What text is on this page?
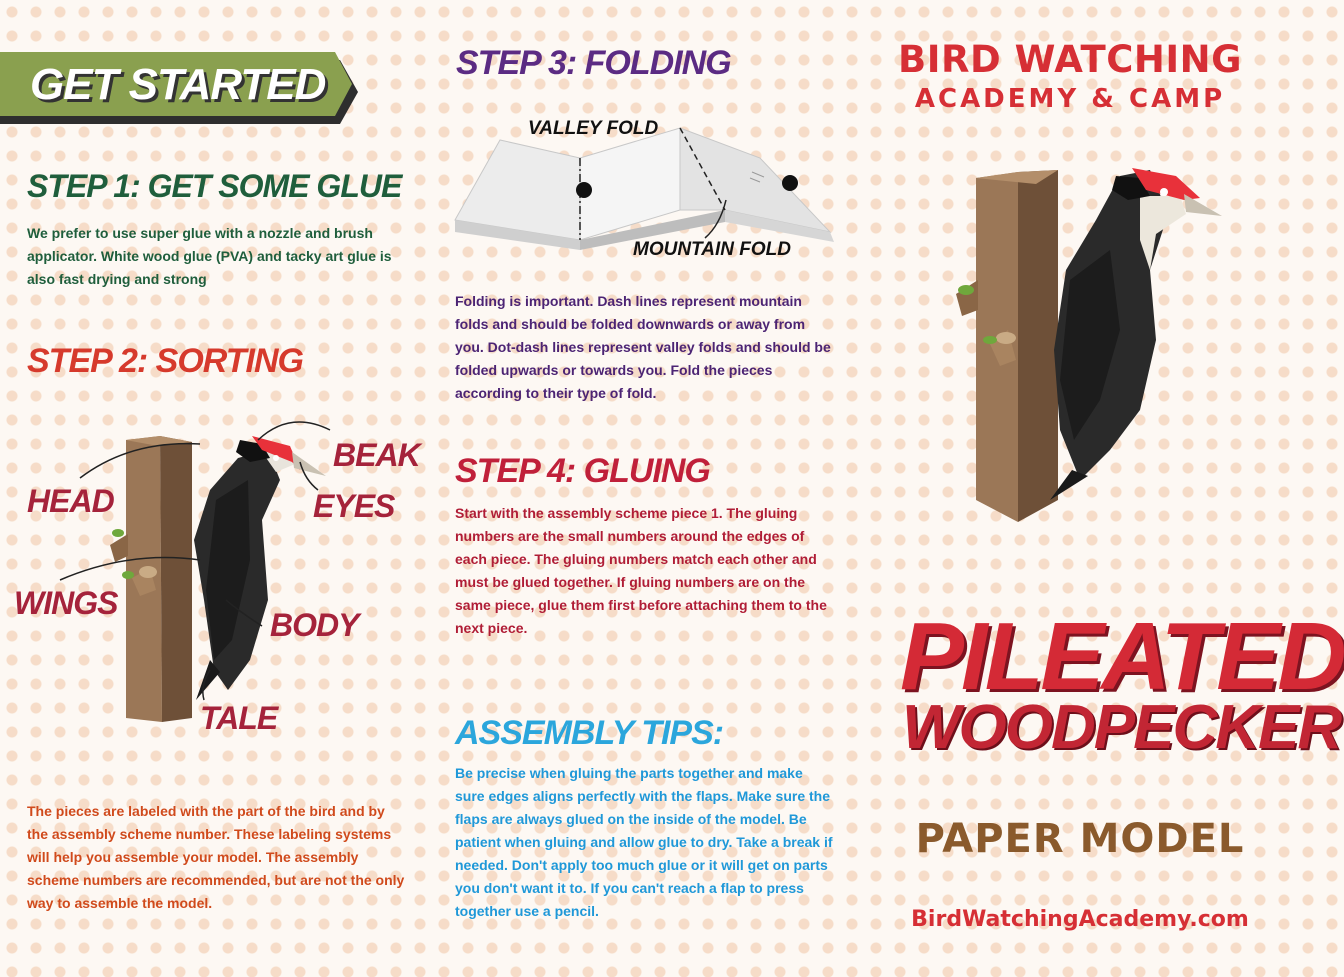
GET STARTED
STEP 1: GET SOME GLUE
We prefer to use super glue with a nozzle and brush applicator. White wood glue (PVA) and tacky art glue is also fast drying and strong
STEP 2: SORTING
HEAD
BEAK
EYES
WINGS
BODY
TALE
The pieces are labeled with the part of the bird and by the assembly scheme number. These labeling systems will help you assemble your model. The assembly scheme numbers are recommended, but are not the only way to assemble the model.
STEP 3: FOLDING
VALLEY FOLD
MOUNTAIN FOLD
Folding is important. Dash lines represent mountain folds and should be folded downwards or away from you. Dot-dash lines represent valley folds and should be folded upwards or towards you. Fold the pieces according to their type of fold.
STEP 4: GLUING
Start with the assembly scheme piece 1. The gluing numbers are the small numbers around the edges of each piece. The gluing numbers match each other and must be glued together. If gluing numbers are on the same piece, glue them first before attaching them to the next piece.
ASSEMBLY TIPS:
Be precise when gluing the parts together and make sure edges aligns perfectly with the flaps. Make sure the flaps are always glued on the inside of the model. Be patient when gluing and allow glue to dry. Take a break if needed. Don't apply too much glue or it will get on parts you don't want it to. If you can't reach a flap to press together use a pencil.
BIRD WATCHING
ACADEMY & CAMP
PILEATED
WOODPECKER
PAPER MODEL
BirdWatchingAcademy.com
